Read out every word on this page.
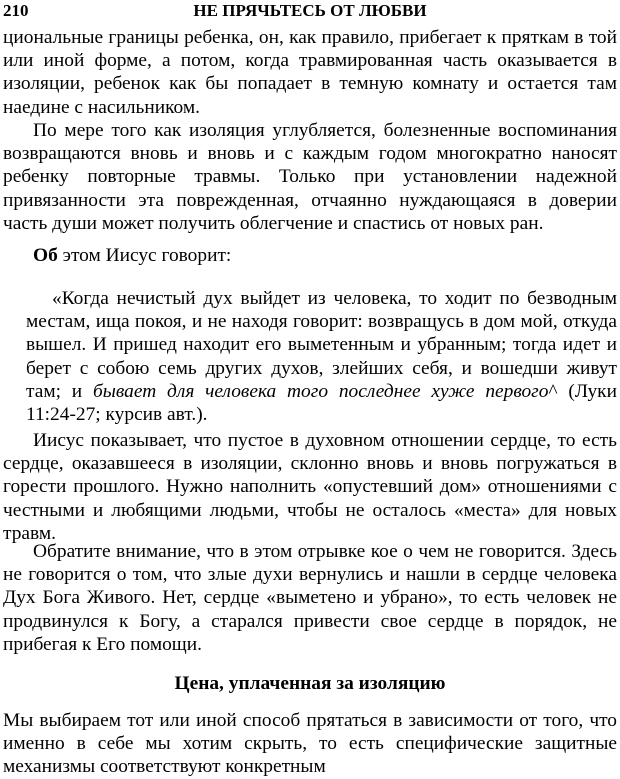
210	НЕ ПРЯЧЬТЕСЬ ОТ ЛЮБВИ

циональные границы ребенка, он, как правило, прибегает к пряткам в той или иной форме, а потом, когда травмированная часть оказывается в изоляции, ребенок как бы попадает в темную комнату и остается там наедине с насильником.

По мере того как изоляция углубляется, болезненные воспоминания возвращаются вновь и вновь и с каждым годом многократно наносят ребенку повторные травмы. Только при установлении надежной привязанности эта поврежденная, отчаянно нуждающаяся в доверии часть души может получить облегчение и спастись от новых ран.

Об этом Иисус говорит:

«Когда нечистый дух выйдет из человека, то ходит по безводным местам, ища покоя, и не находя говорит: возвращусь в дом мой, откуда вышел. И пришед находит его выметенным и убранным; тогда идет и берет с собою семь других духов, злейших себя, и вошедши живут там; и бывает для человека того последнее хуже первого^ (Луки 11:24-27; курсив авт.).

Иисус показывает, что пустое в духовном отношении сердце, то есть сердце, оказавшееся в изоляции, склонно вновь и вновь погружаться в горести прошлого. Нужно наполнить «опустевший дом» отношениями с честными и любящими людьми, чтобы не осталось «места» для новых травм.

Обратите внимание, что в этом отрывке кое о чем не говорится. Здесь не говорится о том, что злые духи вернулись и нашли в сердце человека Дух Бога Живого. Нет, сердце «выметено и убрано», то есть человек не продвинулся к Богу, а старался привести свое сердце в порядок, не прибегая к Его помощи.

Цена, уплаченная за изоляцию

Мы выбираем тот или иной способ прятаться в зависимости от того, что именно в себе мы хотим скрыть, то есть специфические защитные механизмы соответствуют конкретным
